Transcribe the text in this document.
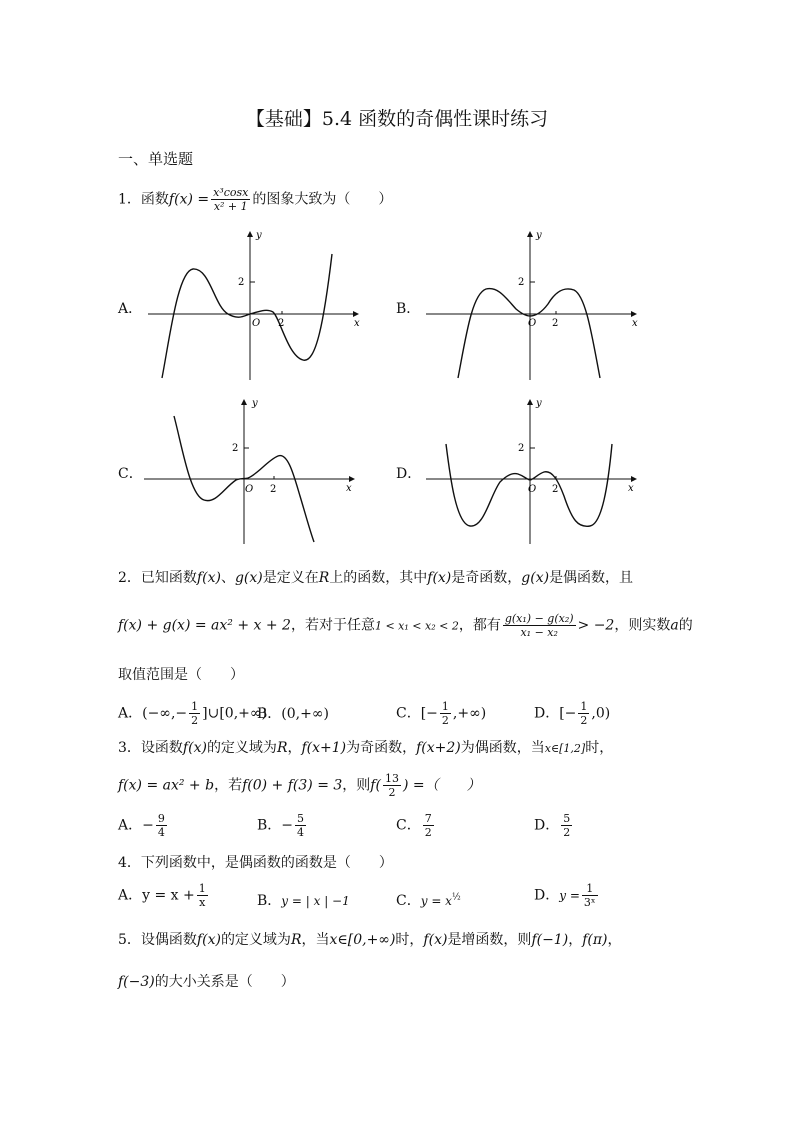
【基础】5.4 函数的奇偶性课时练习
一、单选题
1．函数$f(x) = \frac{\text{x³cosx}}{\text{x² + 1}}$ 的图象大致为（　　）
A．	B．
C．	D．
y
x
O 2
2
y
x
O 2
2
y
x
O 2
2
y
x
O 2
2
2．已知函数f(x)、g(x)是定义在R上的函数，其中f(x)是奇函数，g(x)是偶函数，且
f(x) + g(x) = ax² + x + 2，若对于任意1 < x₁ < x₂ < 2，都有 $\frac{\text{g(x₁) − g(x₂)}}{\text{x₁ − x₂}} > -2$，则实数a的
取值范围是（　　）
A．(−∞,− $\frac{1}{2}$ ]∪[0,+∞)
B．(0,+∞)	C．[− $\frac{1}{2}$ ,+∞)	D．[− $\frac{1}{2} ,0$)
3．设函数f(x)的定义域为R，f(x+1)为奇函数，f(x+2)为偶函数，当x∈[1,2]时，
f(x) = ax² + b，若f(0) + f(3) = 3，则$f( \frac{13}{2}$ ) =（　　）
A．− $\frac{9}{4}$	B．− $\frac{5}{4}$	C． $\frac{7}{2}$	D． $\frac{5}{2}$
4．下列函数中，是偶函数的函数是（　　）
A．$y = x + \frac{1}{x}$	B．y = | x | −1	C．$y = x^{\frac{1}{2}}$	D．$y = \frac{1}{\text{3ˣ}}$
5．设偶函数f(x)的定义域为R，当x∈[0,+∞)时，f(x)是增函数，则f(−1)，f(π)，
f(−3)的大小关系是（　　）
